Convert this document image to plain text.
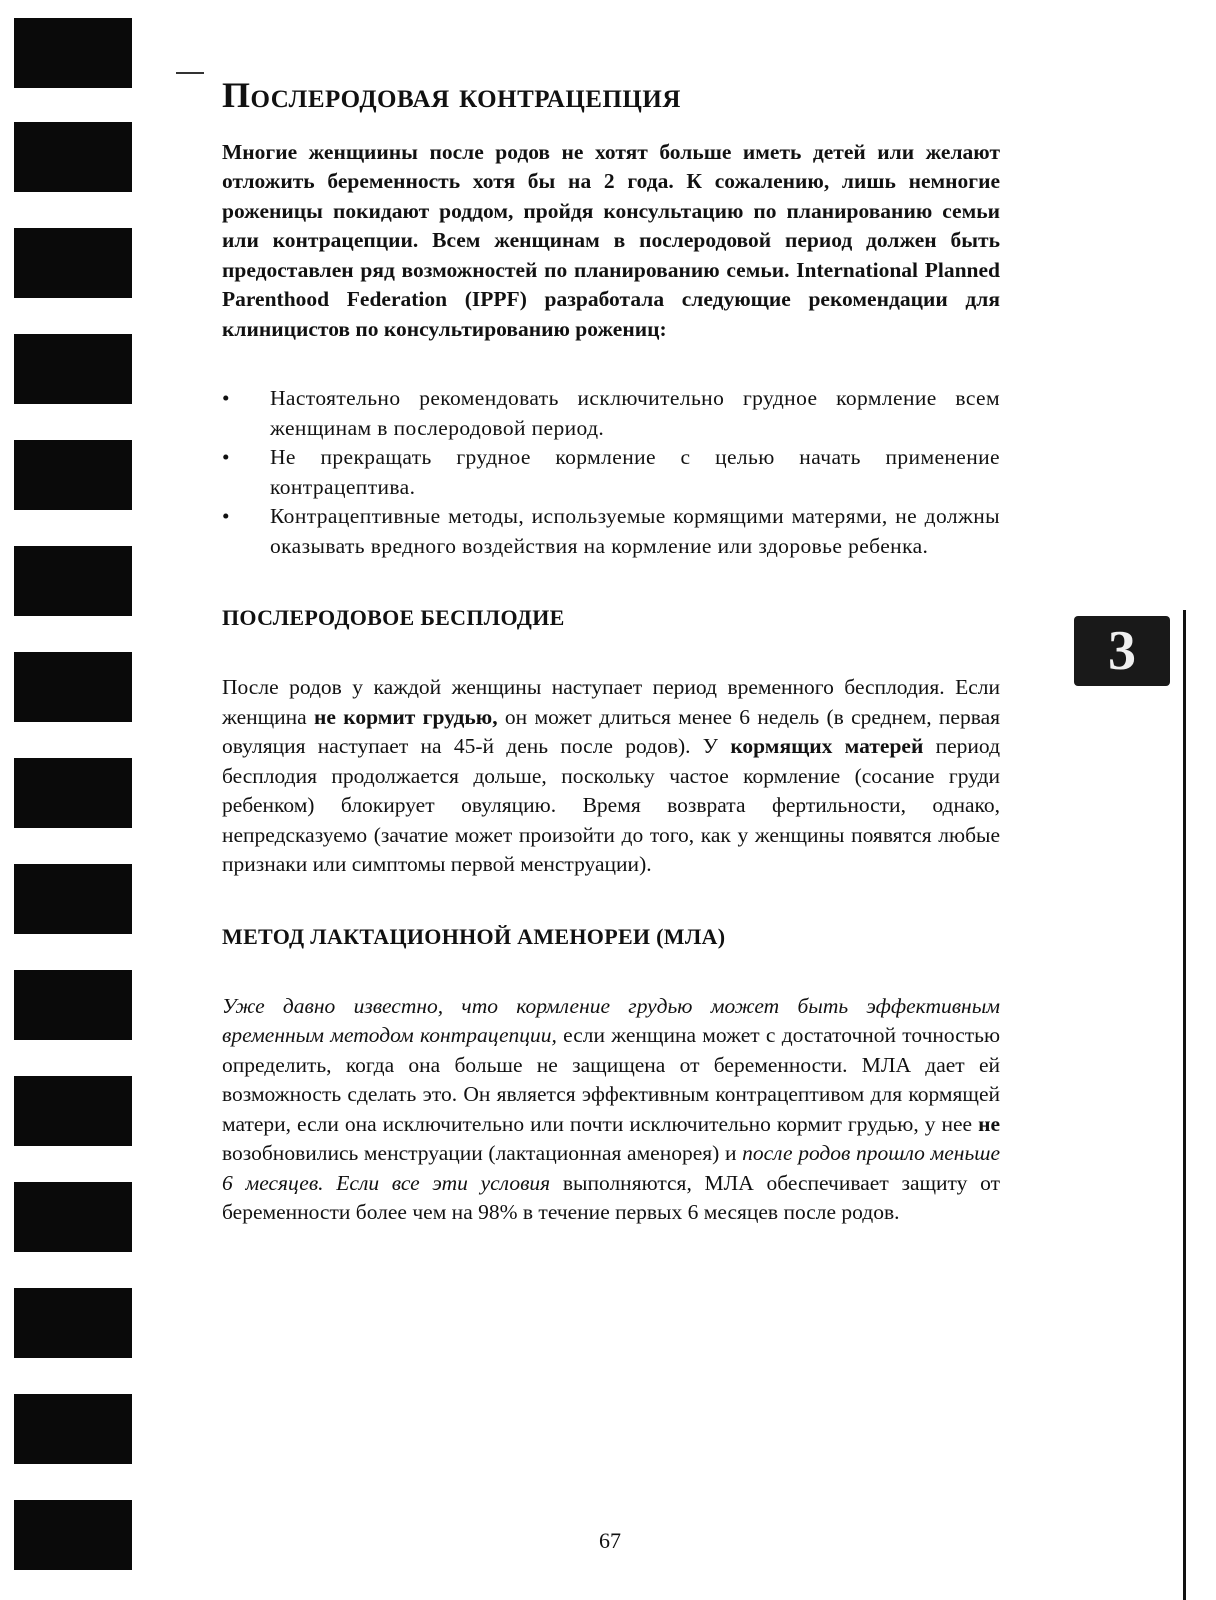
Послеродовая контрацепция

Многие женщиины после родов не хотят больше иметь детей или желают отложить беременность хотя бы на 2 года. К сожалению, лишь немногие роженицы покидают роддом, пройдя консультацию по планированию семьи или контрацепции. Всем женщинам в послеродовой период должен быть предоставлен ряд возможностей по планированию семьи. International Planned Parenthood Federation (IPPF) разработала следующие рекомендации для клиницистов по консультированию рожениц:

• Настоятельно рекомендовать исключительно грудное кормление всем женщинам в послеродовой период.
• Не прекращать грудное кормление с целью начать применение контрацептива.
• Контрацептивные методы, используемые кормящими матерями, не должны оказывать вредного воздействия на кормление или здоровье ребенка.
ПОСЛЕРОДОВОЕ БЕСПЛОДИЕ

После родов у каждой женщины наступает период временного бесплодия. Если женщина не кормит грудью, он может длиться менее 6 недель (в среднем, первая овуляция наступает на 45-й день после родов). У кормящих матерей период бесплодия продолжается дольше, поскольку частое кормление (сосание груди ребенком) блокирует овуляцию. Время возврата фертильности, однако, непредсказуемо (зачатие может произойти до того, как у женщины появятся любые признаки или симптомы первой менструации).

МЕТОД ЛАКТАЦИОННОЙ АМЕНОРЕИ (МЛА)

Уже давно известно, что кормление грудью может быть эффективным временным методом контрацепции, если женщина может с достаточной точностью определить, когда она больше не защищена от беременности. МЛА дает ей возможность сделать это. Он является эффективным контрацептивом для кормящей матери, если она исключительно или почти исключительно кормит грудью, у нее не возобновились менструации (лактационная аменорея) и после родов прошло меньше 6 месяцев. Если все эти условия выполняются, МЛА обеспечивает защиту от беременности более чем на 98% в течение первых 6 месяцев после родов.

3
67
